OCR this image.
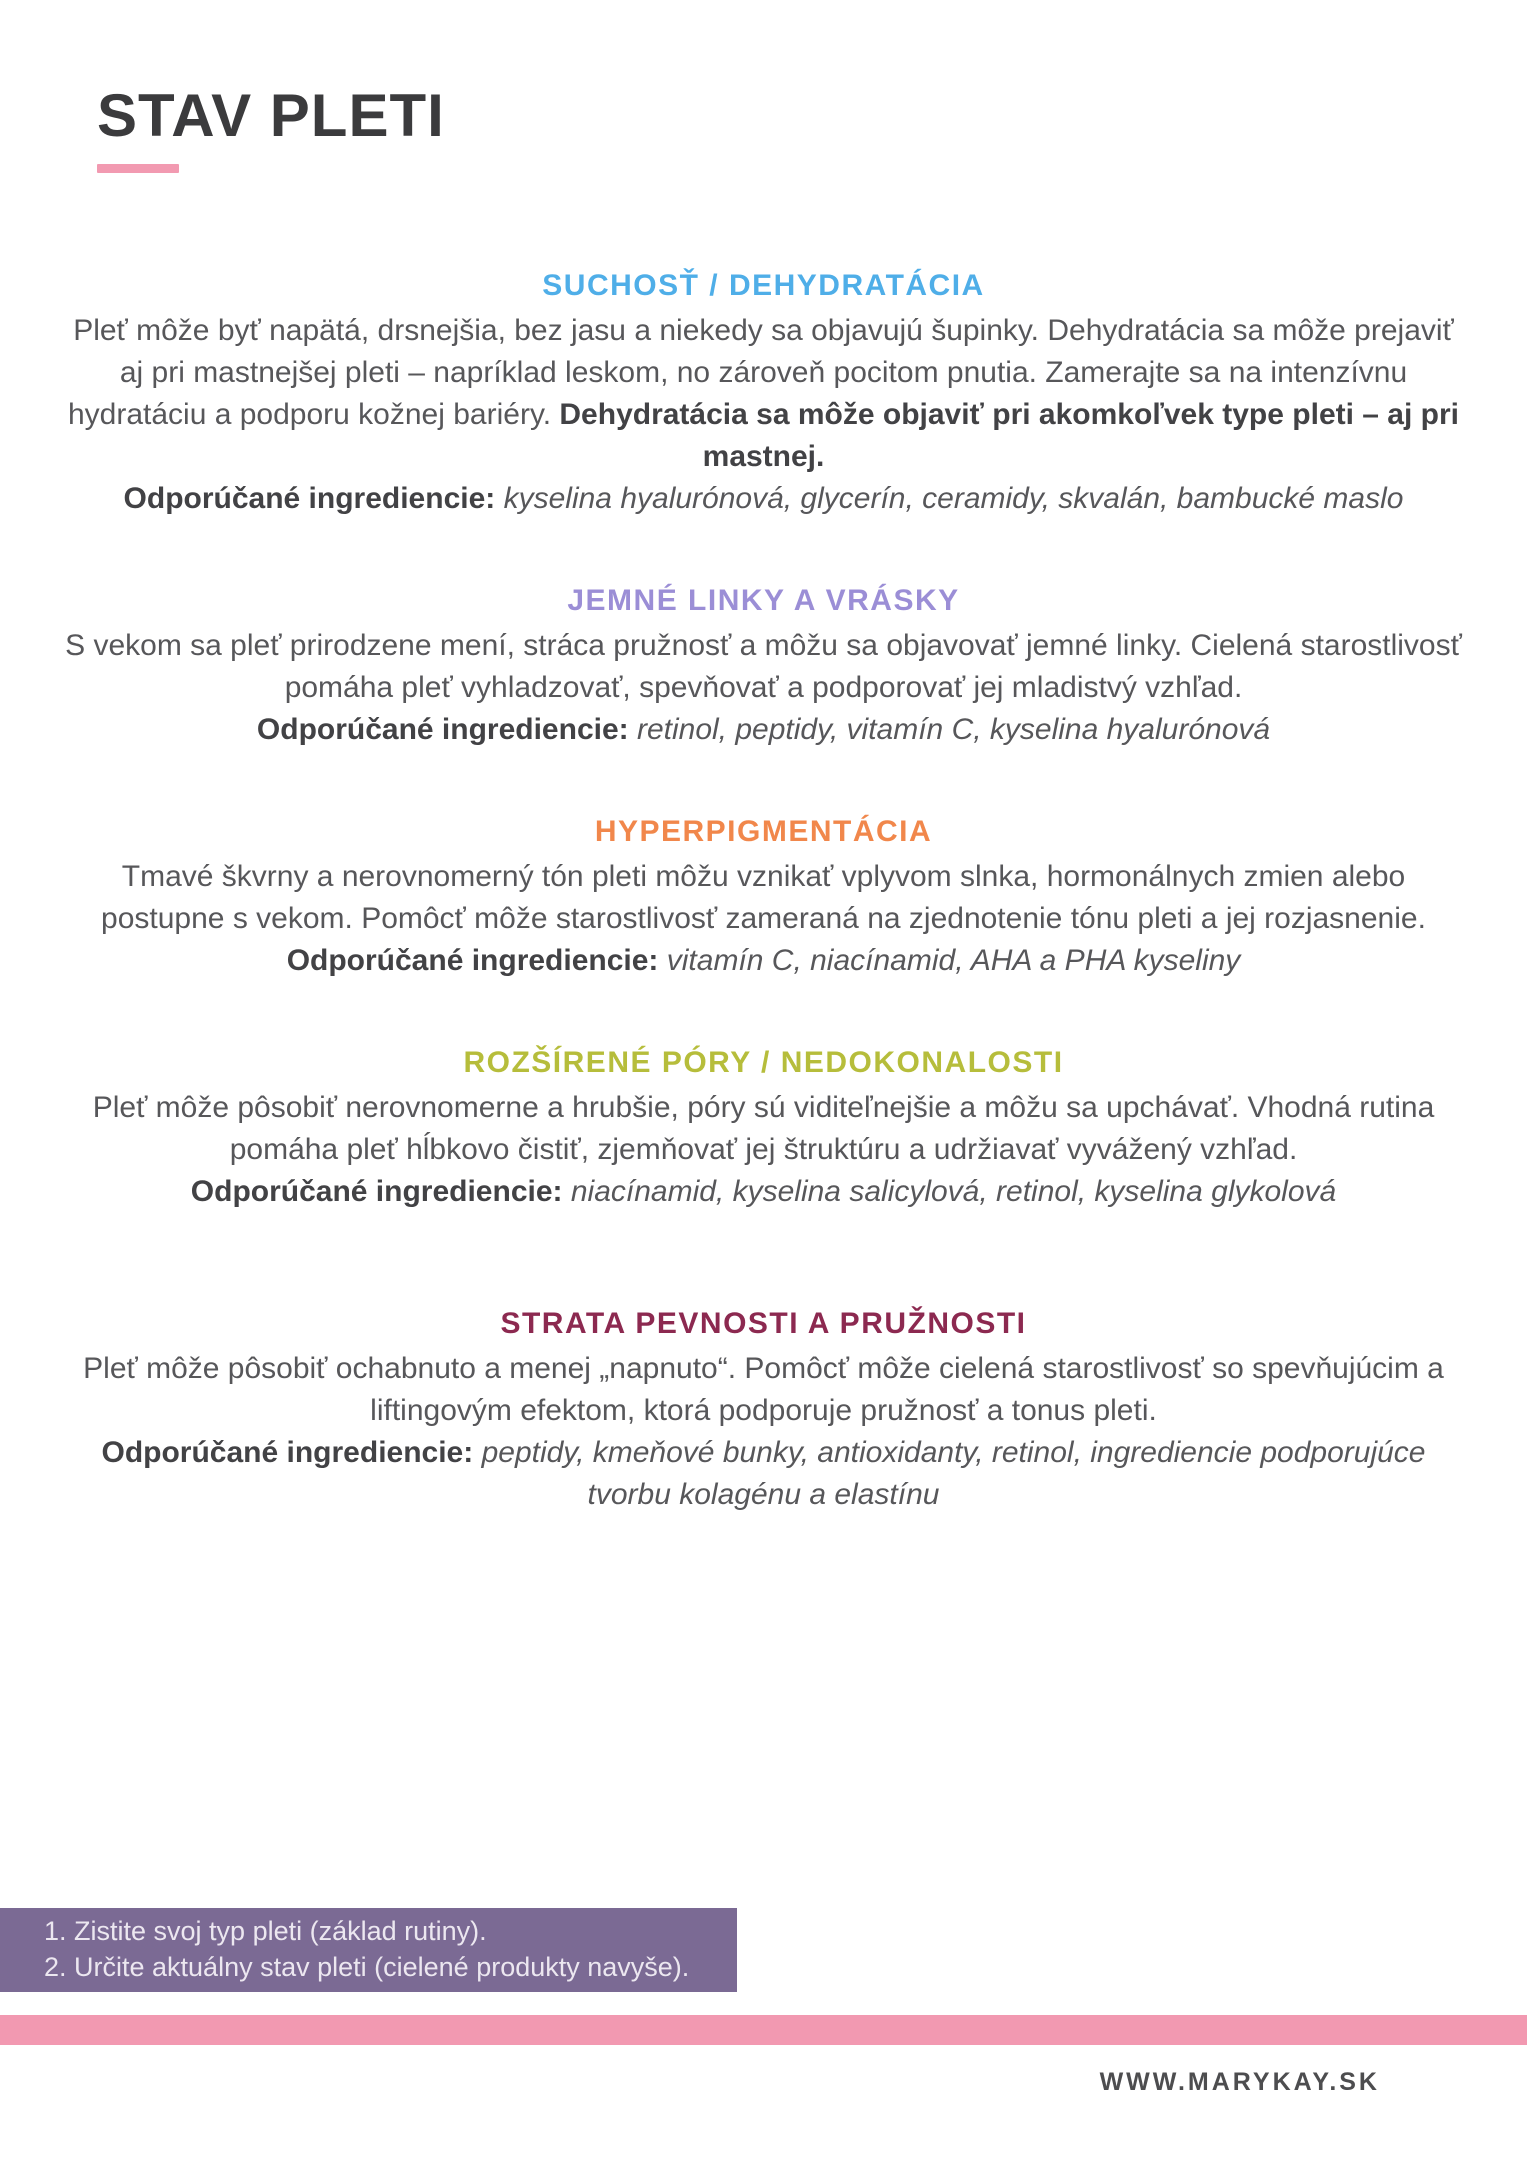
STAV PLETI
SUCHOSŤ / DEHYDRATÁCIA

Pleť môže byť napätá, drsnejšia, bez jasu a niekedy sa objavujú šupinky. Dehydratácia sa môže prejaviť aj pri mastnejšej pleti – napríklad leskom, no zároveň pocitom pnutia. Zamerajte sa na intenzívnu hydratáciu a podporu kožnej bariéry. Dehydratácia sa môže objaviť pri akomkoľvek type pleti – aj pri mastnej.

Odporúčané ingrediencie: kyselina hyalurónová, glycerín, ceramidy, skvalán, bambucké maslo

JEMNÉ LINKY A VRÁSKY

S vekom sa pleť prirodzene mení, stráca pružnosť a môžu sa objavovať jemné linky. Cielená starostlivosť pomáha pleť vyhladzovať, spevňovať a podporovať jej mladistvý vzhľad.

Odporúčané ingrediencie: retinol, peptidy, vitamín C, kyselina hyalurónová

HYPERPIGMENTÁCIA

Tmavé škvrny a nerovnomerný tón pleti môžu vznikať vplyvom slnka, hormonálnych zmien alebo postupne s vekom. Pomôcť môže starostlivosť zameraná na zjednotenie tónu pleti a jej rozjasnenie.

Odporúčané ingrediencie: vitamín C, niacínamid, AHA a PHA kyseliny

ROZŠÍRENÉ PÓRY / NEDOKONALOSTI

Pleť môže pôsobiť nerovnomerne a hrubšie, póry sú viditeľnejšie a môžu sa upchávať. Vhodná rutina pomáha pleť hĺbkovo čistiť, zjemňovať jej štruktúru a udržiavať vyvážený vzhľad.

Odporúčané ingrediencie: niacínamid, kyselina salicylová, retinol, kyselina glykolová

STRATA PEVNOSTI A PRUŽNOSTI

Pleť môže pôsobiť ochabnuto a menej „napnuto“. Pomôcť môže cielená starostlivosť so spevňujúcim a liftingovým efektom, ktorá podporuje pružnosť a tonus pleti.

Odporúčané ingrediencie: peptidy, kmeňové bunky, antioxidanty, retinol, ingrediencie podporujúce tvorbu kolagénu a elastínu

1. Zistite svoj typ pleti (základ rutiny).
2. Určite aktuálny stav pleti (cielené produkty navyše).
WWW.MARYKAY.SK
